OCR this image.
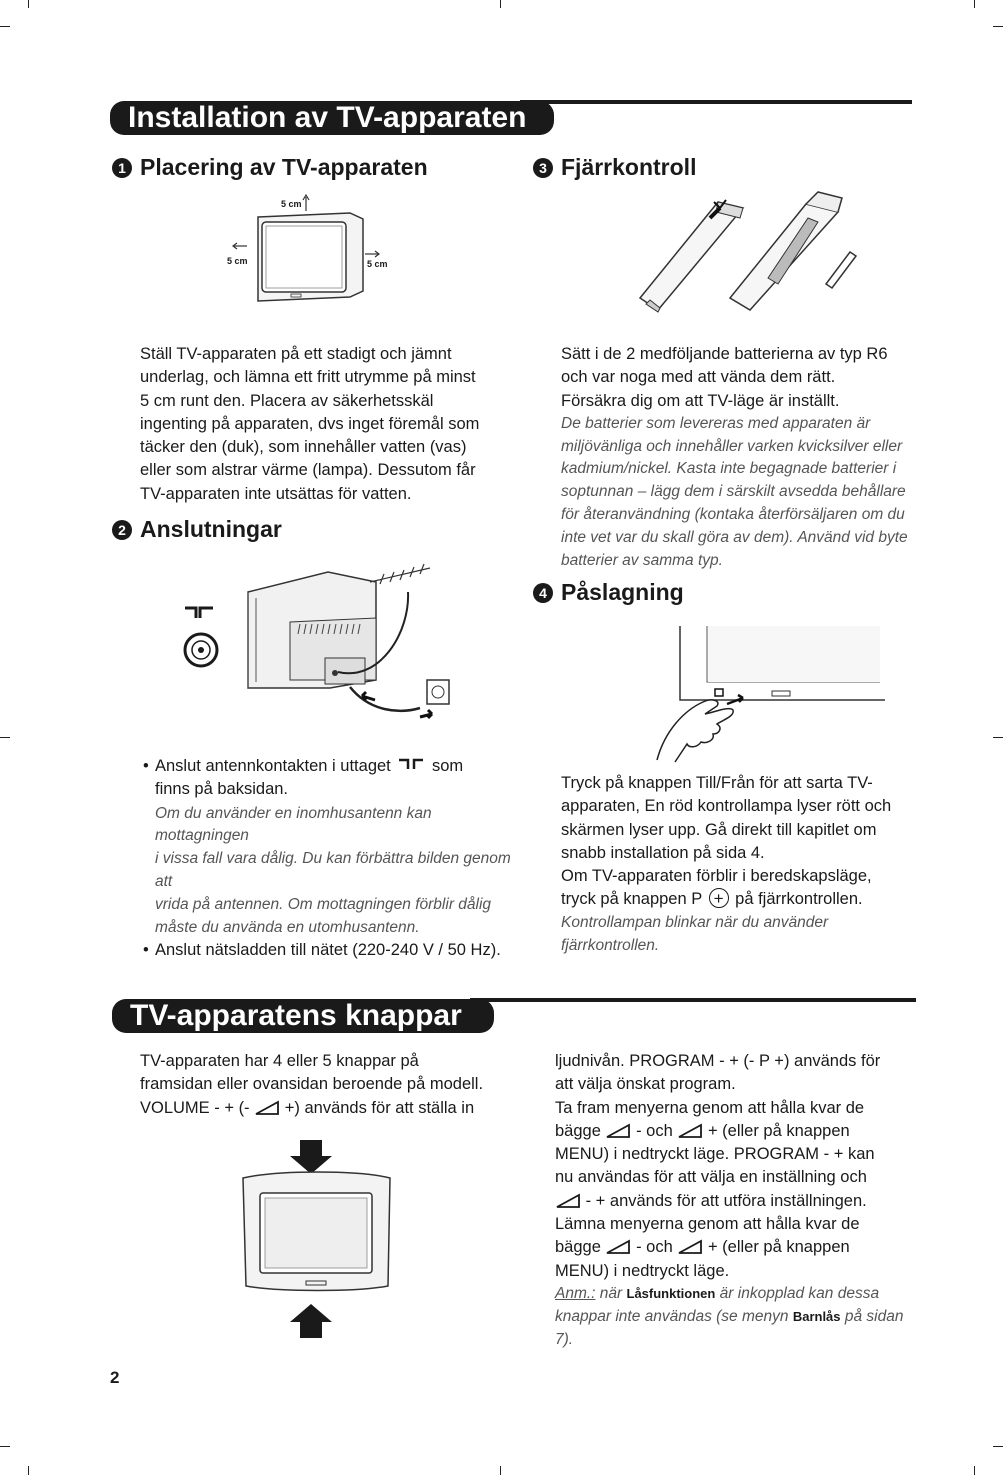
Installation av TV-apparaten
1 Placering av TV-apparaten
5 cm
5 cm	5 cm

Ställ TV-apparaten på ett stadigt och jämnt

underlag, och lämna ett fritt utrymme på minst

5 cm runt den. Placera av säkerhetsskäl

ingenting på apparaten, dvs inget föremål som

täcker den (duk), som innehåller vatten (vas)

eller som alstrar värme (lampa). Dessutom får

TV-apparaten inte utsättas för vatten.

2 Anslutningar
• Anslut antennkontakten i uttaget som
finns på baksidan.

Om du använder en inomhusantenn kan mottagningen

i vissa fall vara dålig. Du kan förbättra bilden genom att

vrida på antennen. Om mottagningen förblir dålig

måste du använda en utomhusantenn.

• Anslut nätsladden till nätet (220-240 V / 50 Hz).
3 Fjärrkontroll

Sätt i de 2 medföljande batterierna av typ R6

och var noga med att vända dem rätt.

Försäkra dig om att TV-läge är inställt.

De batterier som levereras med apparaten är

miljövänliga och innehåller varken kvicksilver eller

kadmium/nickel. Kasta inte begagnade batterier i

soptunnan – lägg dem i särskilt avsedda behållare

för återanvändning (kontaka återförsäljaren om du

inte vet var du skall göra av dem). Använd vid byte

batterier av samma typ.

4 Påslagning

Tryck på knappen Till/Från för att sarta TV-

apparaten, En röd kontrollampa lyser rött och

skärmen lyser upp. Gå direkt till kapitlet om

snabb installation på sida 4.

Om TV-apparaten förblir i beredskapsläge,

tryck på knappen P + på fjärrkontrollen.

Kontrollampan blinkar när du använder

fjärrkontrollen.

TV-apparatens knappar

TV-apparaten har 4 eller 5 knappar på

framsidan eller ovansidan beroende på modell.

VOLUME - + (- +) används för att ställa in

ljudnivån. PROGRAM - + (- P +) används för

att välja önskat program.

Ta fram menyerna genom att hålla kvar de

bägge - och + (eller på knappen

MENU) i nedtryckt läge. PROGRAM - + kan

nu användas för att välja en inställning och

- + används för att utföra inställningen.

Lämna menyerna genom att hålla kvar de

bägge - och + (eller på knappen

MENU) i nedtryckt läge.

Anm.: när Låsfunktionen är inkopplad kan dessa

knappar inte användas (se menyn Barnlås på sidan 7).

2
